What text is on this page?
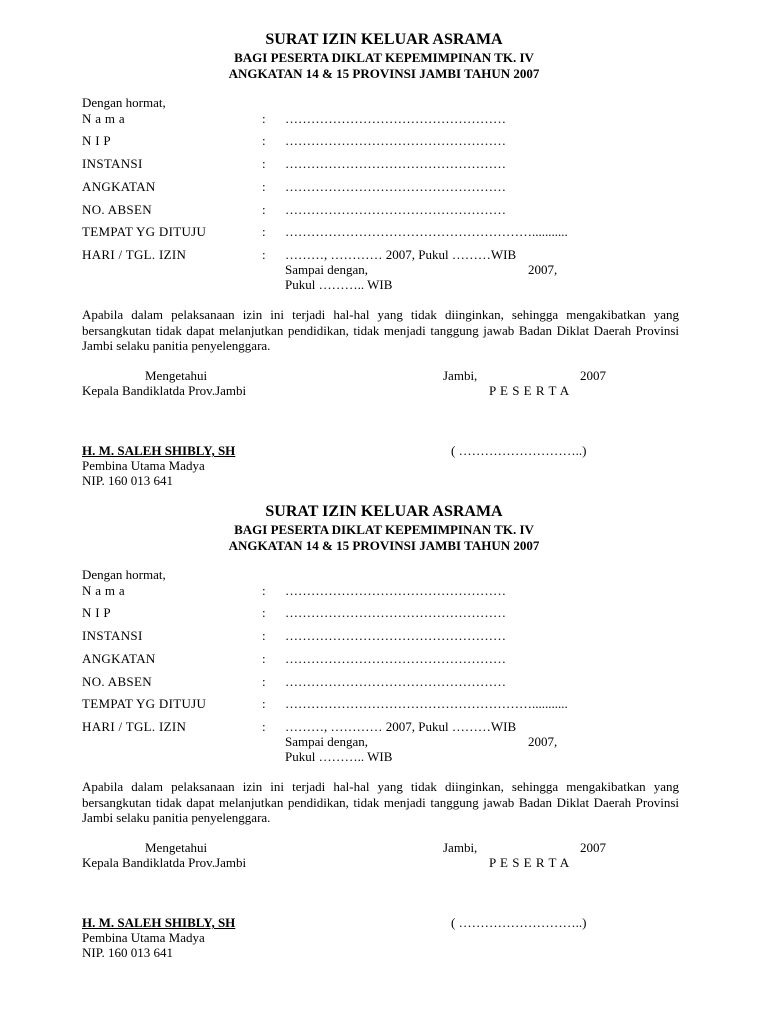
SURAT IZIN KELUAR ASRAMA
BAGI PESERTA DIKLAT KEPEMIMPINAN TK. IV
ANGKATAN 14 & 15 PROVINSI JAMBI TAHUN 2007
Dengan hormat,
N a m a	: ……………………………………………
N I P	: ……………………………………………
INSTANSI	: ……………………………………………
ANGKATAN	: ……………………………………………
NO. ABSEN	: ……………………………………………
TEMPAT YG DITUJU	: …………………………………………………...........
HARI / TGL. IZIN	: ………, ………… 2007, Pukul ………WIB
Sampai dengan,	2007,
Pukul ……….. WIB
Apabila dalam pelaksanaan izin ini terjadi hal-hal yang tidak diinginkan, sehingga mengakibatkan yang bersangkutan tidak dapat melanjutkan pendidikan, tidak menjadi tanggung jawab Badan Diklat Daerah Provinsi Jambi selaku panitia penyelenggara.
Mengetahui
Kepala Bandiklatda Prov.Jambi
Jambi,	2007
P E S E R T A
H. M. SALEH SHIBLY, SH	( ………………………..)
Pembina Utama Madya
NIP. 160 013 641
SURAT IZIN KELUAR ASRAMA
BAGI PESERTA DIKLAT KEPEMIMPINAN TK. IV
ANGKATAN 14 & 15 PROVINSI JAMBI TAHUN 2007
Dengan hormat,
N a m a	: ……………………………………………
N I P	: ……………………………………………
INSTANSI	: ……………………………………………
ANGKATAN	: ……………………………………………
NO. ABSEN	: ……………………………………………
TEMPAT YG DITUJU	: …………………………………………………...........
HARI / TGL. IZIN	: ………, ………… 2007, Pukul ………WIB
Sampai dengan,	2007,
Pukul ……….. WIB
Apabila dalam pelaksanaan izin ini terjadi hal-hal yang tidak diinginkan, sehingga mengakibatkan yang bersangkutan tidak dapat melanjutkan pendidikan, tidak menjadi tanggung jawab Badan Diklat Daerah Provinsi Jambi selaku panitia penyelenggara.
Mengetahui
Kepala Bandiklatda Prov.Jambi
Jambi,	2007
P E S E R T A
H. M. SALEH SHIBLY, SH	( ………………………..)
Pembina Utama Madya
NIP. 160 013 641
